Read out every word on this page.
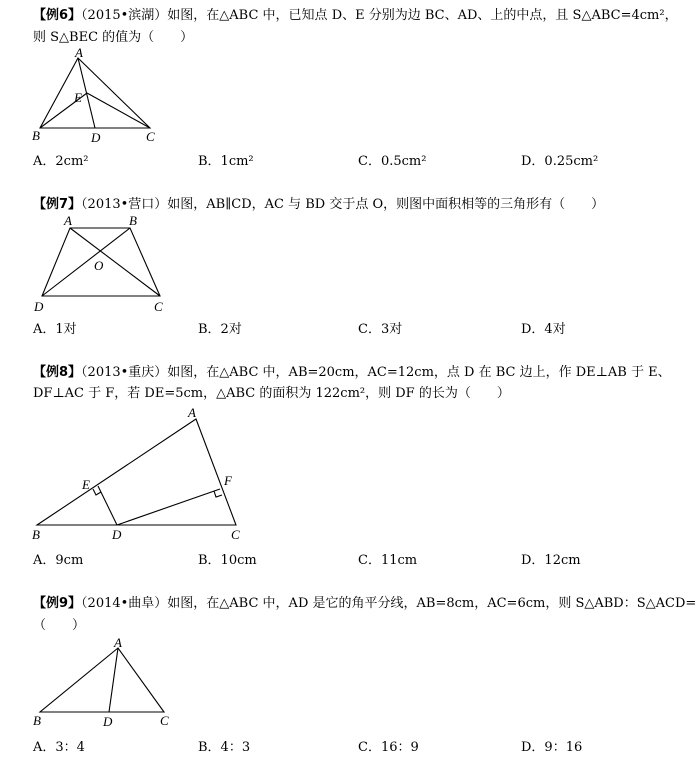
【例6】（2015•滨湖）如图，在△ABC 中，已知点 D、E 分别为边 BC、AD、上的中点，且 S△ABC=4cm²，
则 S△BEC 的值为（　　）
A
E
B	D	C
A．2cm²	B．1cm²	C．0.5cm²	D．0.25cm²
【例7】（2013•营口）如图，AB∥CD，AC 与 BD 交于点 O，则图中面积相等的三角形有（　　）
A	B
O
D	C
A．1对	B．2对	C．3对	D．4对
【例8】（2013•重庆）如图，在△ABC 中，AB=20cm，AC=12cm，点 D 在 BC 边上，作 DE⊥AB 于 E、
DF⊥AC 于 F，若 DE=5cm，△ABC 的面积为 122cm²，则 DF 的长为（　　）
A
E	F
B	D	C
A．9cm	B．10cm	C．11cm	D．12cm
【例9】（2014•曲阜）如图，在△ABC 中，AD 是它的角平分线，AB=8cm，AC=6cm，则 S△ABD：S△ACD=
（　　）
A
B	D	C
A．3：4	B．4：3	C．16：9	D．9：16
